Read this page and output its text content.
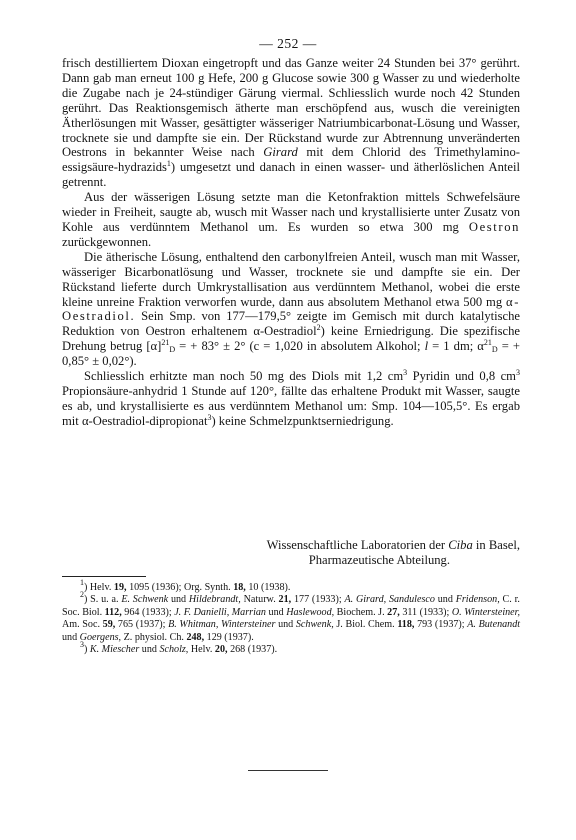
— 252 —

frisch destilliertem Dioxan eingetropft und das Ganze weiter 24 Stunden bei 37° gerührt. Dann gab man erneut 100 g Hefe, 200 g Glucose sowie 300 g Wasser zu und wiederholte die Zugabe nach je 24-stündiger Gärung viermal. Schliesslich wurde noch 42 Stunden gerührt. Das Reaktionsgemisch ätherte man erschöpfend aus, wusch die vereinigten Ätherlösungen mit Wasser, gesättigter wässeriger Natriumbicarbonat-Lösung und Wasser, trocknete sie und dampfte sie ein. Der Rückstand wurde zur Abtrennung unveränderten Oestrons in bekannter Weise nach Girard mit dem Chlorid des Trimethylamino-essigsäure-hydrazids$^1$) umgesetzt und danach in einen wasser- und ätherlöslichen Anteil getrennt.

Aus der wässerigen Lösung setzte man die Ketonfraktion mittels Schwefelsäure wieder in Freiheit, saugte ab, wusch mit Wasser nach und krystallisierte unter Zusatz von Kohle aus verdünntem Methanol um. Es wurden so etwa 300 mg Oestron zurückgewonnen.

Die ätherische Lösung, enthaltend den carbonylfreien Anteil, wusch man mit Wasser, wässeriger Bicarbonatlösung und Wasser, trocknete sie und dampfte sie ein. Der Rückstand lieferte durch Umkrystallisation aus verdünntem Methanol, wobei die erste kleine unreine Fraktion verworfen wurde, dann aus absolutem Methanol etwa 500 mg α-Oestradiol. Sein Smp. von 177—179,5° zeigte im Gemisch mit durch katalytische Reduktion von Oestron erhaltenem α-Oestradiol$^2$) keine Erniedrigung. Die spezifische Drehung betrug $[\alpha]^{21}_D$ = + 83° ± 2° (c = 1,020 in absolutem Alkohol; l = 1 dm; $\alpha^{21}_D$ = + 0,85° ± 0,02°).

Schliesslich erhitzte man noch 50 mg des Diols mit 1,2 $cm^3$ Pyridin und 0,8 $cm^3$ Propionsäure-anhydrid 1 Stunde auf 120°, fällte das erhaltene Produkt mit Wasser, saugte es ab, und krystallisierte es aus verdünntem Methanol um: Smp. 104—105,5°. Es ergab mit α-Oestradiol-dipropionat$^3$) keine Schmelzpunktserniedrigung.

Wissenschaftliche Laboratorien der Ciba in Basel,
Pharmazeutische Abteilung.

$^1$) Helv. 19, 1095 (1936); Org. Synth. 18, 10 (1938).

$^2$) S. u. a. E. Schwenk und Hildebrandt, Naturw. 21, 177 (1933); A. Girard, Sandulesco und Fridenson, C. r. Soc. Biol. 112, 964 (1933); J. F. Danielli, Marrian und Haslewood, Biochem. J. 27, 311 (1933); O. Wintersteiner, Am. Soc. 59, 765 (1937); B. Whitman, Wintersteiner und Schwenk, J. Biol. Chem. 118, 793 (1937); A. Butenandt und Goergens, Z. physiol. Ch. 248, 129 (1937).

$^3$) K. Miescher und Scholz, Helv. 20, 268 (1937).
